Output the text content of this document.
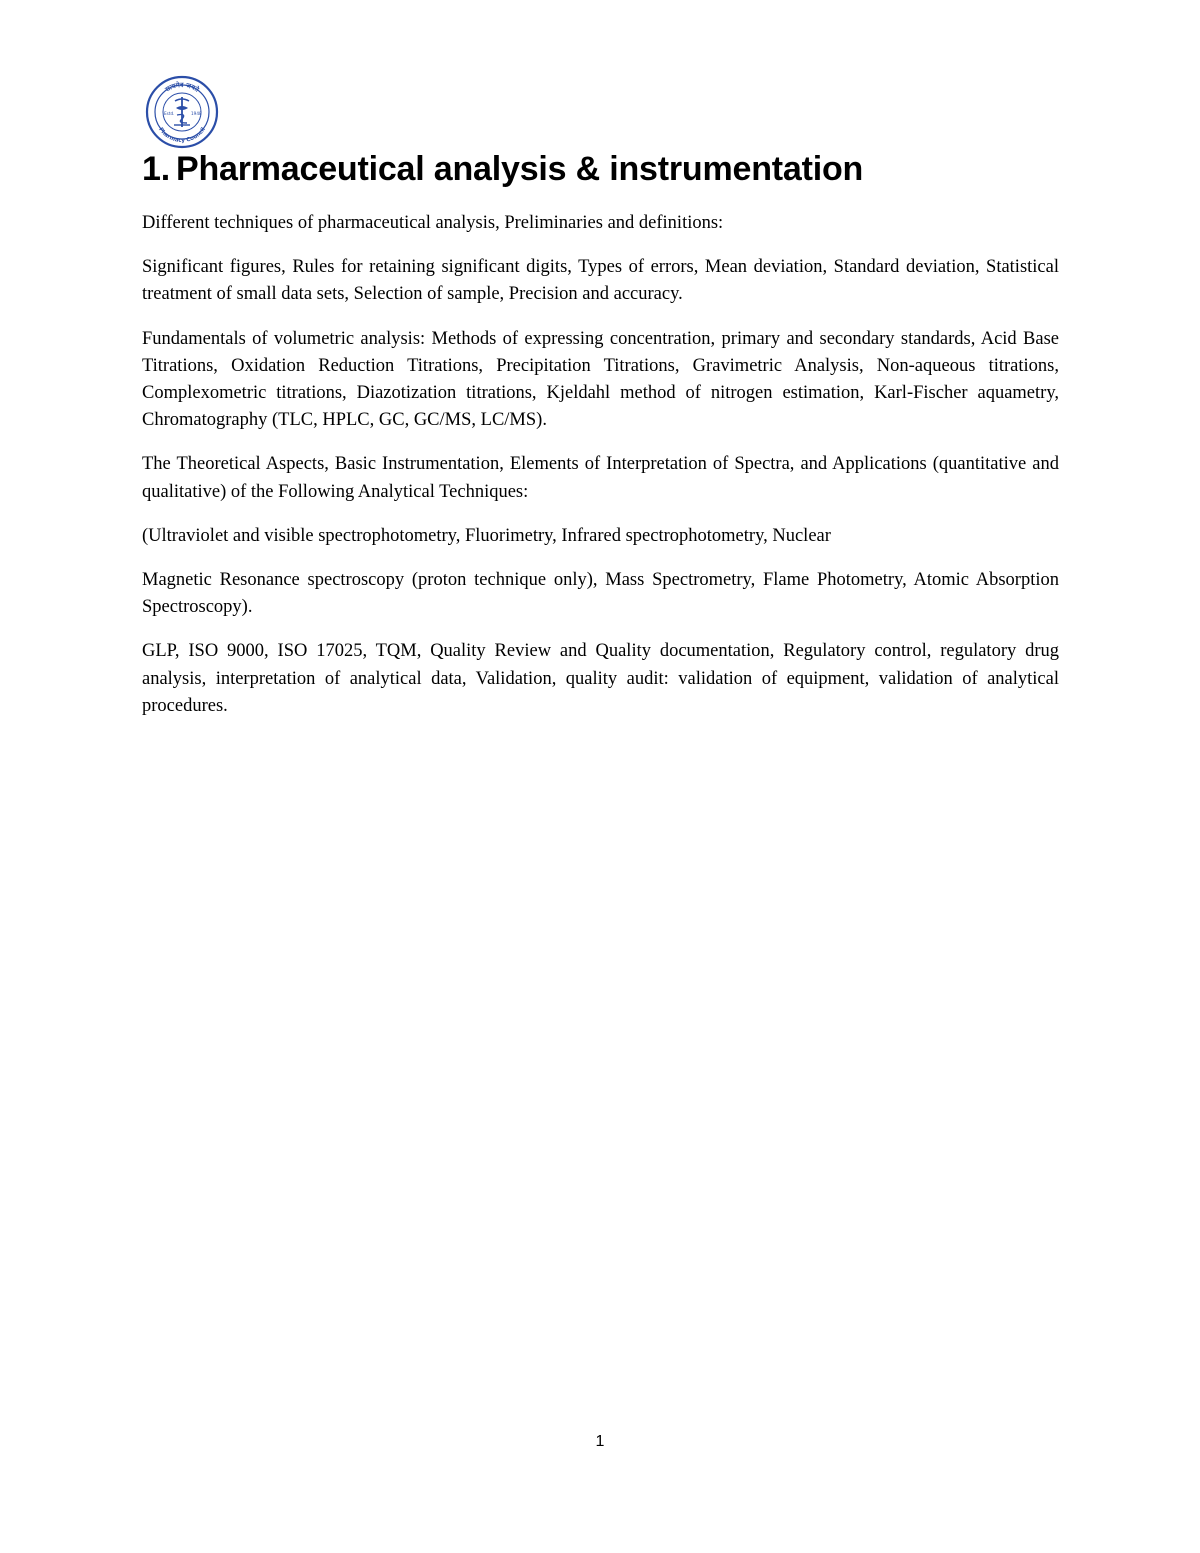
सत्यमेव जयते
Pharmacy Council
Estd.	1948
1. Pharmaceutical analysis & instrumentation

Different techniques of pharmaceutical analysis, Preliminaries and definitions:

Significant figures, Rules for retaining significant digits, Types of errors, Mean deviation, Standard deviation, Statistical treatment of small data sets, Selection of sample, Precision and accuracy.

Fundamentals of volumetric analysis: Methods of expressing concentration, primary and secondary standards, Acid Base Titrations, Oxidation Reduction Titrations, Precipitation Titrations, Gravimetric Analysis, Non-aqueous titrations, Complexometric titrations, Diazotization titrations, Kjeldahl method of nitrogen estimation, Karl-Fischer aquametry, Chromatography (TLC, HPLC, GC, GC/MS, LC/MS).

The Theoretical Aspects, Basic Instrumentation, Elements of Interpretation of Spectra, and Applications (quantitative and qualitative) of the Following Analytical Techniques:

(Ultraviolet and visible spectrophotometry, Fluorimetry, Infrared spectrophotometry, Nuclear

Magnetic Resonance spectroscopy (proton technique only), Mass Spectrometry, Flame Photometry, Atomic Absorption Spectroscopy).

GLP, ISO 9000, ISO 17025, TQM, Quality Review and Quality documentation, Regulatory control, regulatory drug analysis, interpretation of analytical data, Validation, quality audit: validation of equipment, validation of analytical procedures.

1
